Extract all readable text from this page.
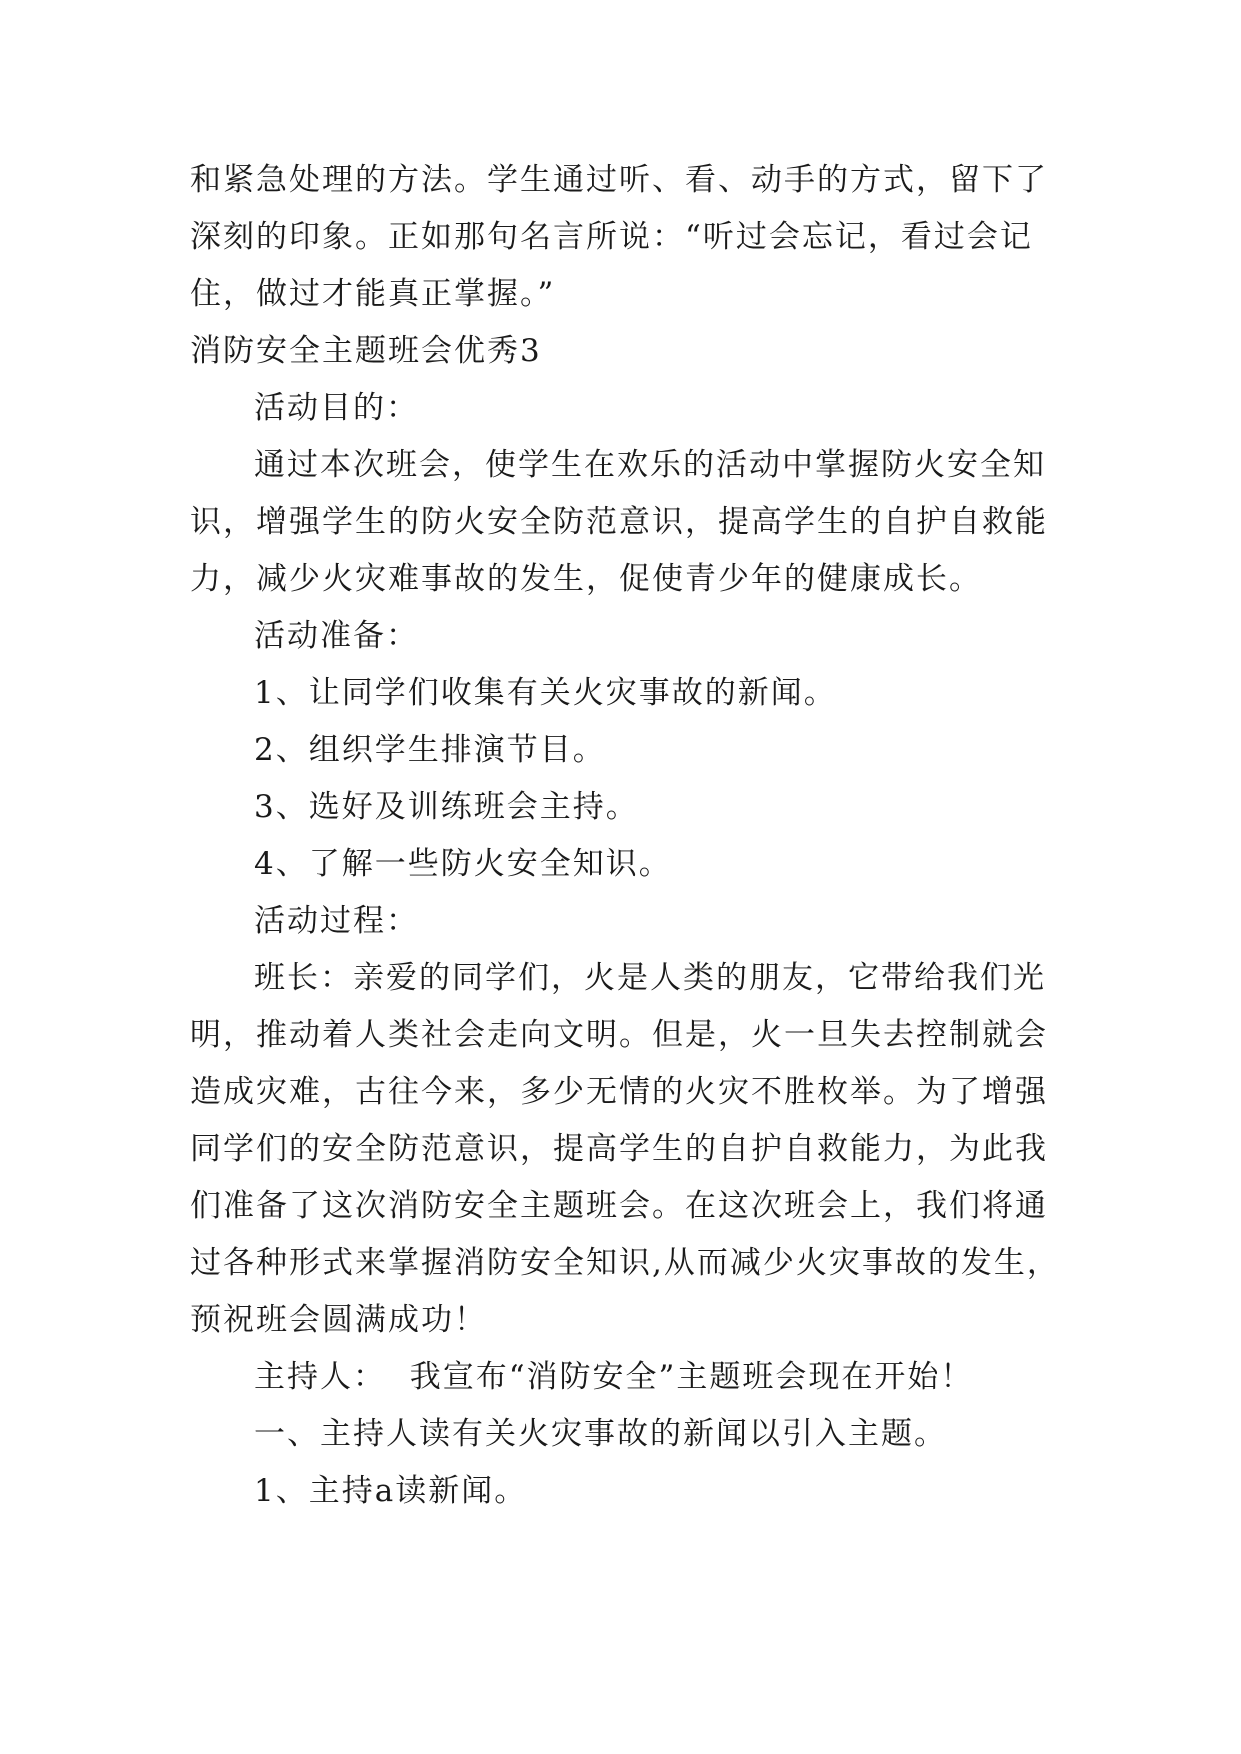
和紧急处理的方法。学生通过听、看、动手的方式，留下了
深刻的印象。正如那句名言所说：“听过会忘记，看过会记
住，做过才能真正掌握。”
消防安全主题班会优秀3
活动目的：
通过本次班会，使学生在欢乐的活动中掌握防火安全知
识，增强学生的防火安全防范意识，提高学生的自护自救能
力，减少火灾难事故的发生，促使青少年的健康成长。
活动准备：
1、让同学们收集有关火灾事故的新闻。
2、组织学生排演节目。
3、选好及训练班会主持。
4、了解一些防火安全知识。
活动过程：
班长：亲爱的同学们，火是人类的朋友，它带给我们光
明，推动着人类社会走向文明。但是，火一旦失去控制就会
造成灾难，古往今来，多少无情的火灾不胜枚举。为了增强
同学们的安全防范意识，提高学生的自护自救能力，为此我
们准备了这次消防安全主题班会。在这次班会上，我们将通
过各种形式来掌握消防安全知识,从而减少火灾事故的发生，
预祝班会圆满成功！
主持人：  我宣布“消防安全”主题班会现在开始！
一、主持人读有关火灾事故的新闻以引入主题。
1、主持a读新闻。
